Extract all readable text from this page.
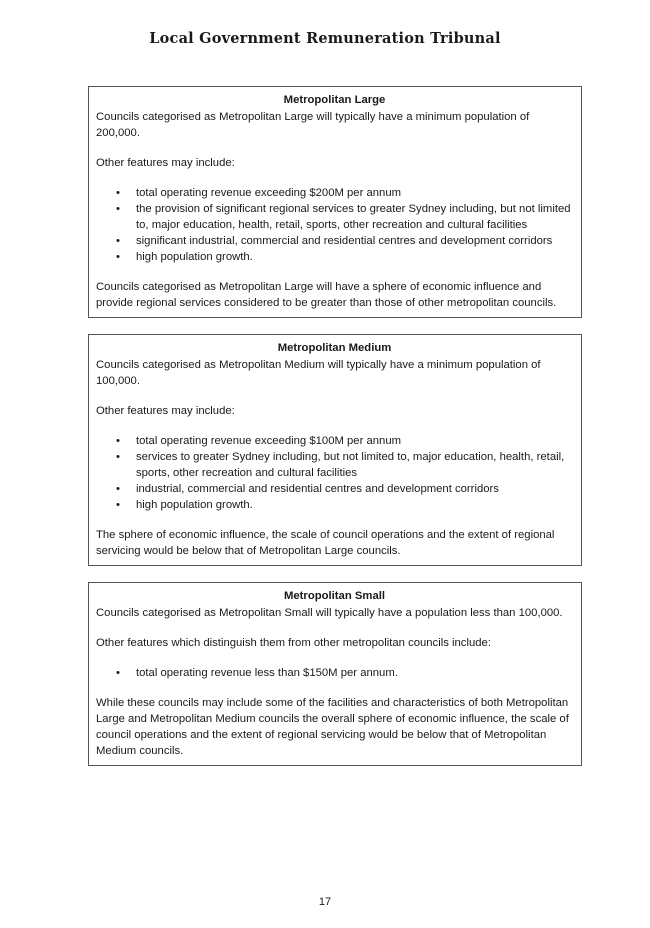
Local Government Remuneration Tribunal
Metropolitan Large

Councils categorised as Metropolitan Large will typically have a minimum population of 200,000.

Other features may include:

• total operating revenue exceeding $200M per annum
• the provision of significant regional services to greater Sydney including, but not limited to, major education, health, retail, sports, other recreation and cultural facilities
• significant industrial, commercial and residential centres and development corridors
• high population growth.

Councils categorised as Metropolitan Large will have a sphere of economic influence and provide regional services considered to be greater than those of other metropolitan councils.

Metropolitan Medium

Councils categorised as Metropolitan Medium will typically have a minimum population of 100,000.

Other features may include:

• total operating revenue exceeding $100M per annum
• services to greater Sydney including, but not limited to, major education, health, retail, sports, other recreation and cultural facilities
• industrial, commercial and residential centres and development corridors
• high population growth.

The sphere of economic influence, the scale of council operations and the extent of regional servicing would be below that of Metropolitan Large councils.

Metropolitan Small

Councils categorised as Metropolitan Small will typically have a population less than 100,000.

Other features which distinguish them from other metropolitan councils include:

• total operating revenue less than $150M per annum.

While these councils may include some of the facilities and characteristics of both Metropolitan Large and Metropolitan Medium councils the overall sphere of economic influence, the scale of council operations and the extent of regional servicing would be below that of Metropolitan Medium councils.

17
